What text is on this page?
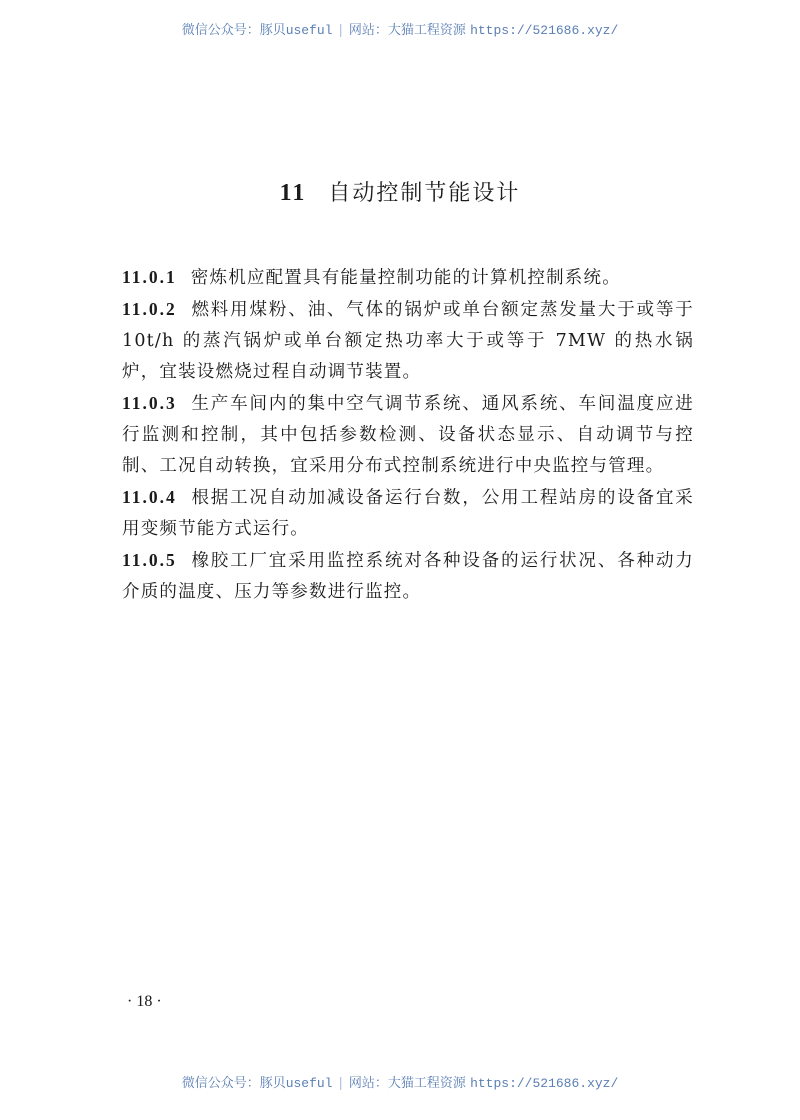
微信公众号：豚贝useful | 网站：大猫工程资源 https://521686.xyz/
11 自动控制节能设计

11.0.1 密炼机应配置具有能量控制功能的计算机控制系统。

11.0.2 燃料用煤粉、油、气体的锅炉或单台额定蒸发量大于或等于 10t/h 的蒸汽锅炉或单台额定热功率大于或等于 7MW 的热水锅炉，宜装设燃烧过程自动调节装置。

11.0.3 生产车间内的集中空气调节系统、通风系统、车间温度应进行监测和控制，其中包括参数检测、设备状态显示、自动调节与控制、工况自动转换，宜采用分布式控制系统进行中央监控与管理。

11.0.4 根据工况自动加减设备运行台数，公用工程站房的设备宜采用变频节能方式运行。

11.0.5 橡胶工厂宜采用监控系统对各种设备的运行状况、各种动力介质的温度、压力等参数进行监控。

· 18 ·
微信公众号：豚贝useful | 网站：大猫工程资源 https://521686.xyz/
